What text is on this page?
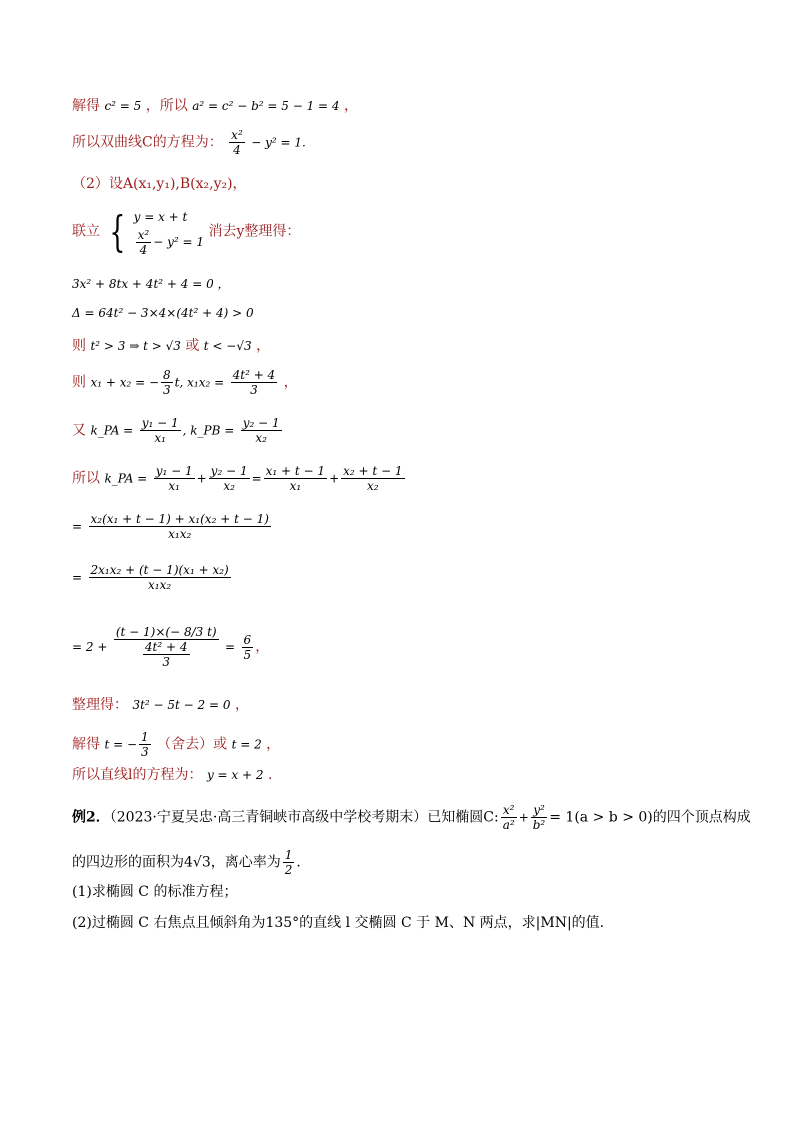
解得 c² = 5 ，所以 a² = c² − b² = 5 − 1 = 4 ，
所以双曲线C的方程为： $\frac{\text{x²}}{4} - y^2 = 1$.
（2）设A(x₁,y₁),B(x₂,y₂)，
联立 { y = x + t
$\frac{\text{x²}}{4} - y^2 = 1$
消去y整理得：
3x² + 8tx + 4t² + 4 = 0 ，
Δ = 64t² − 3×4×(4t² + 4) > 0
则 t² > 3 ⇒ t > √3 或 t < −√3 ，
则 x₁ + x₂ = − $\frac{8}{3} t$, $x_1x_2 = \frac{\text{4t² + 4}}{3}$ ，
又 k_PA = $\frac{\text{y₁ − 1}}{\text{x₁}}$ , k_PB = $\frac{\text{y₂ − 1}}{\text{x₂}}$
所以 k_PA = $\frac{\text{y₁ − 1}}{\text{x₁}} + \frac{\text{y₂ − 1}}{\text{x₂}} = \frac{\text{x₁ + t − 1}}{\text{x₁}} + \frac{\text{x₂ + t − 1}}{\text{x₂}}$
= $\frac{\text{x₂(x₁ + t − 1) + x₁(x₂ + t − 1)}}{\text{x₁x₂}}$
= $\frac{\text{2x₁x₂ + (t − 1)(x₁ + x₂)}}{\text{x₁x₂}}$
= $2 + \frac{(t - 1)\times(- 8/3 t)}{\frac{\text{4t² + 4}}{3}} = \frac{6}{5}$ ，
整理得： 3t² − 5t − 2 = 0 ，
解得 t = − $\frac{1}{3}$ （舍去）或 t = 2 ，
所以直线l的方程为： y = x + 2 .
例2．（2023·宁夏吴忠·高三青铜峡市高级中学校考期末）已知椭圆C: $\frac{\text{x²}}{\text{a²}} + \frac{\text{y²}}{\text{b²}} = 1(a > b > 0)$的四个顶点构成
的四边形的面积为4√3，离心率为 $\frac{1}{2}$ .
(1)求椭圆 C 的标准方程；
(2)过椭圆 C 右焦点且倾斜角为135°的直线 l 交椭圆 C 于 M、N 两点，求|MN|的值.
